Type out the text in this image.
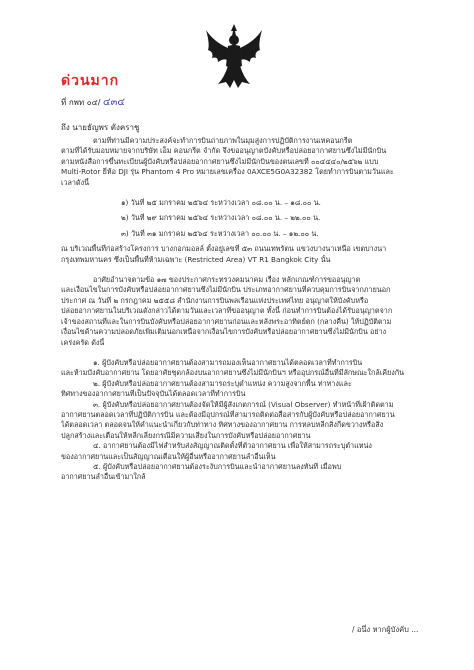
ด่วนมาก
ที่ กพท ๐๔/ ๔๓๔
ถึง นายธัญพร ตังคราชู
ตามที่ท่านมีความประสงค์จะทำการบินถ่ายภาพในมุมสูงการปฏิบัติการงานเทคอนกรีต
ตามที่ได้รับมอบหมายจากบริษัท เอ็ม คอนกรีต จำกัด จึงขออนุญาตบังคับหรือปล่อยอากาศยานซึ่งไม่มีนักบิน
ตามหนังสือการขึ้นทะเบียนผู้บังคับหรือปล่อยอากาศยานซึ่งไม่มีนักบินของตนเลขที่ ๐๐๔๔๔๐/๒๕๖๒ แบบ
Multi-Rotor ยี่ห้อ DJI รุ่น Phantom 4 Pro หมายเลขเครื่อง 0AXCE5G0A32382 โดยทำการบินตามวันและ
เวลาดังนี้
๑) วันที่ ๒๕ มกราคม ๒๕๖๔ ระหว่างเวลา ๐๘.๐๐ น. – ๑๘.๐๐ น.
๒) วันที่ ๒๙ มกราคม ๒๕๖๔ ระหว่างเวลา ๐๘.๐๐ น. – ๒๒.๐๐ น.
๓) วันที่ ๓๑ มกราคม ๒๕๖๔ ระหว่างเวลา ๐๐.๐๐ น. – ๑๒.๐๐ น.
ณ บริเวณพื้นที่ก่อสร้างโครงการ บางกอกมอลล์ ตั้งอยู่เลขที่ ๕๓ ถนนเทพรัตน แขวงบางนาเหนือ เขตบางนา
กรุงเทพมหานคร ซึ่งเป็นพื้นที่ห้ามเฉพาะ (Restricted Area) VT R1 Bangkok City นั้น
อาศัยอำนาจตามข้อ ๑๗ ของประกาศกระทรวงคมนาคม เรื่อง หลักเกณฑ์การขออนุญาต
และเงื่อนไขในการบังคับหรือปล่อยอากาศยานซึ่งไม่มีนักบิน ประเภทอากาศยานที่ควบคุมการบินจากภายนอก
ประกาศ ณ วันที่ ๒ กรกฎาคม ๒๕๕๘ สำนักงานการบินพลเรือนแห่งประเทศไทย อนุญาตให้บังคับหรือ
ปล่อยอากาศยานในบริเวณดังกล่าวได้ตามวันและเวลาที่ขออนุญาต ทั้งนี้ ก่อนทำการบินต้องได้รับอนุญาตจาก
เจ้าของสถานที่และในการบินบังคับหรือปล่อยอากาศยานก่อนและหลังพระอาทิตย์ตก (กลางคืน) ให้ปฏิบัติตาม
เงื่อนไขด้านความปลอดภัยเพิ่มเติมนอกเหนือจากเงื่อนไขการบังคับหรือปล่อยอากาศยานซึ่งไม่มีนักบิน อย่าง
เคร่งครัด ดังนี้
๑. ผู้บังคับหรือปล่อยอากาศยานต้องสามารถมองเห็นอากาศยานได้ตลอดเวลาที่ทำการบิน
และห้ามบังคับอากาศยาน โดยอาศัยชุดกล้องบนอากาศยานซึ่งไม่มีนักบินฯ หรืออุปกรณ์อื่นที่มีลักษณะใกล้เคียงกัน
๒. ผู้บังคับหรือปล่อยอากาศยานต้องสามารถระบุตำแหน่ง ความสูงจากพื้น ท่าทางและ
ทิศทางของอากาศยานที่เป็นปัจจุบันได้ตลอดเวลาที่ทำการบิน
๓. ผู้บังคับหรือปล่อยอากาศยานต้องจัดให้มีผู้สังเกตการณ์ (Visual Observer) ทำหน้าที่เฝ้าติดตาม
อากาศยานตลอดเวลาที่ปฏิบัติการบิน และต้องมีอุปกรณ์ที่สามารถติดต่อสื่อสารกับผู้บังคับหรือปล่อยอากาศยาน
ได้ตลอดเวลา ตลอดจนให้คำแนะนำเกี่ยวกับท่าทาง ทิศทางของอากาศยาน การหลบหลีกสิ่งกีดขวางหรือสิ่ง
ปลูกสร้างและเตือนให้หลีกเลี่ยงกรณีมีความเสี่ยงในการบังคับหรือปล่อยอากาศยาน
๔. อากาศยานต้องมีไฟสำหรับส่งสัญญาณติดตั้งที่ตัวอากาศยาน เพื่อให้สามารถระบุตำแหน่ง
ของอากาศยานและเป็นสัญญาณเตือนให้ผู้อื่นหรืออากาศยานลำอื่นเห็น
๕. ผู้บังคับหรือปล่อยอากาศยานต้องระงับการบินและนำอากาศยานลงทันที เมื่อพบ
อากาศยานลำอื่นเข้ามาใกล้
/ อนึ่ง หากผู้บังคับ ...
